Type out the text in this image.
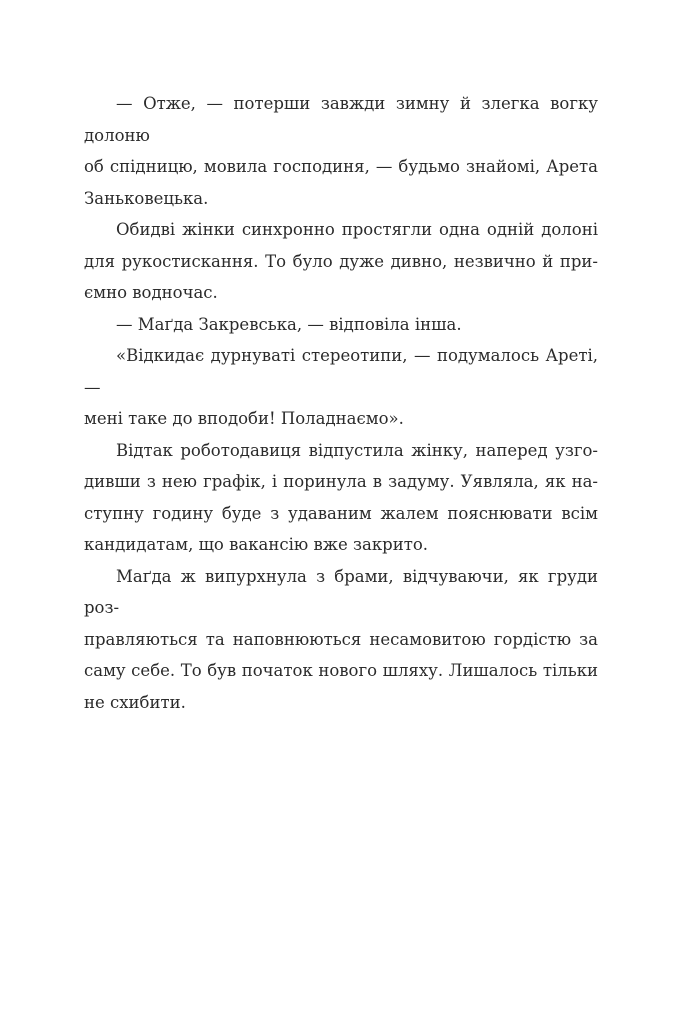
— Отже, — потерши завжди зимну й злегка вогку долоню
об спідницю, мовила господиня, — будьмо знайомі, Арета
Заньковецька.
Обидві жінки синхронно простягли одна одній долоні
для рукостискання. То було дуже дивно, незвично й при-
ємно водночас.
— Маґда Закревська, — відповіла інша.
«Відкидає дурнуваті стереотипи, — подумалось Ареті, —
мені таке до вподоби! Поладнаємо».
Відтак роботодавиця відпустила жінку, наперед узго-
дивши з нею графік, і поринула в задуму. Уявляла, як на-
ступну годину буде з удаваним жалем пояснювати всім
кандидатам, що вакансію вже закрито.
Маґда ж випурхнула з брами, відчуваючи, як груди роз-
правляються та наповнюються несамовитою гордістю за
саму себе. То був початок нового шляху. Лишалось тільки
не схибити.
